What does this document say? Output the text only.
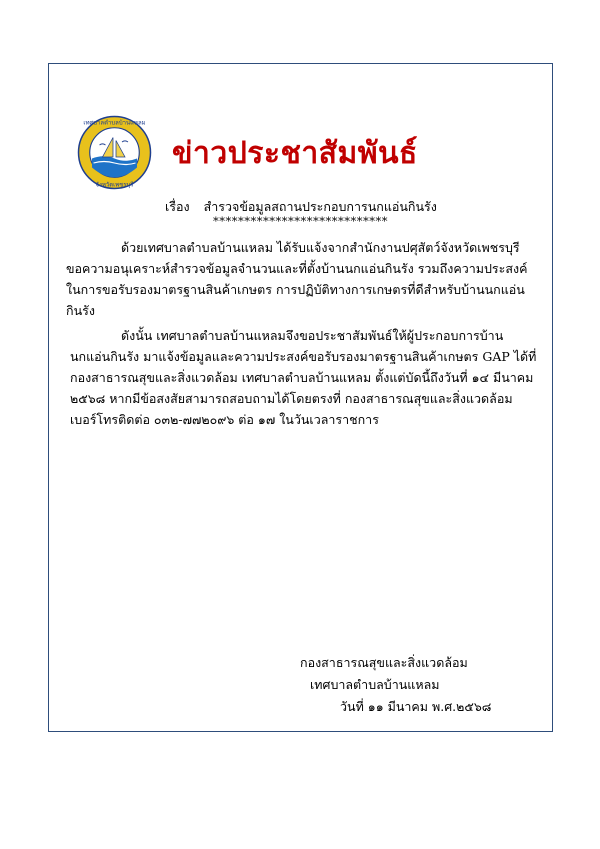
เทศบาลตำบลบ้านแหลม
จังหวัดเพชรบุรี
ข่าวประชาสัมพันธ์
เรื่อง สำรวจข้อมูลสถานประกอบการนกแอ่นกินรัง
****************************
ด้วยเทศบาลตำบลบ้านแหลม ได้รับแจ้งจากสำนักงานปศุสัตว์จังหวัดเพชรบุรี
ขอความอนุเคราะห์สำรวจข้อมูลจำนวนและที่ตั้งบ้านนกแอ่นกินรัง รวมถึงความประสงค์
ในการขอรับรองมาตรฐานสินค้าเกษตร การปฏิบัติทางการเกษตรที่ดีสำหรับบ้านนกแอ่น
กินรัง
ดังนั้น เทศบาลตำบลบ้านแหลมจึงขอประชาสัมพันธ์ให้ผู้ประกอบการบ้าน
นกแอ่นกินรัง มาแจ้งข้อมูลและความประสงค์ขอรับรองมาตรฐานสินค้าเกษตร GAP ได้ที่
กองสาธารณสุขและสิ่งแวดล้อม เทศบาลตำบลบ้านแหลม ตั้งแต่บัดนี้ถึงวันที่ ๑๔ มีนาคม
๒๕๖๘ หากมีข้อสงสัยสามารถสอบถามได้โดยตรงที่ กองสาธารณสุขและสิ่งแวดล้อม
เบอร์โทรติดต่อ ๐๓๒-๗๗๒๐๙๖ ต่อ ๑๗ ในวันเวลาราชการ
กองสาธารณสุขและสิ่งแวดล้อม
เทศบาลตำบลบ้านแหลม
วันที่ ๑๑ มีนาคม พ.ศ.๒๕๖๘
